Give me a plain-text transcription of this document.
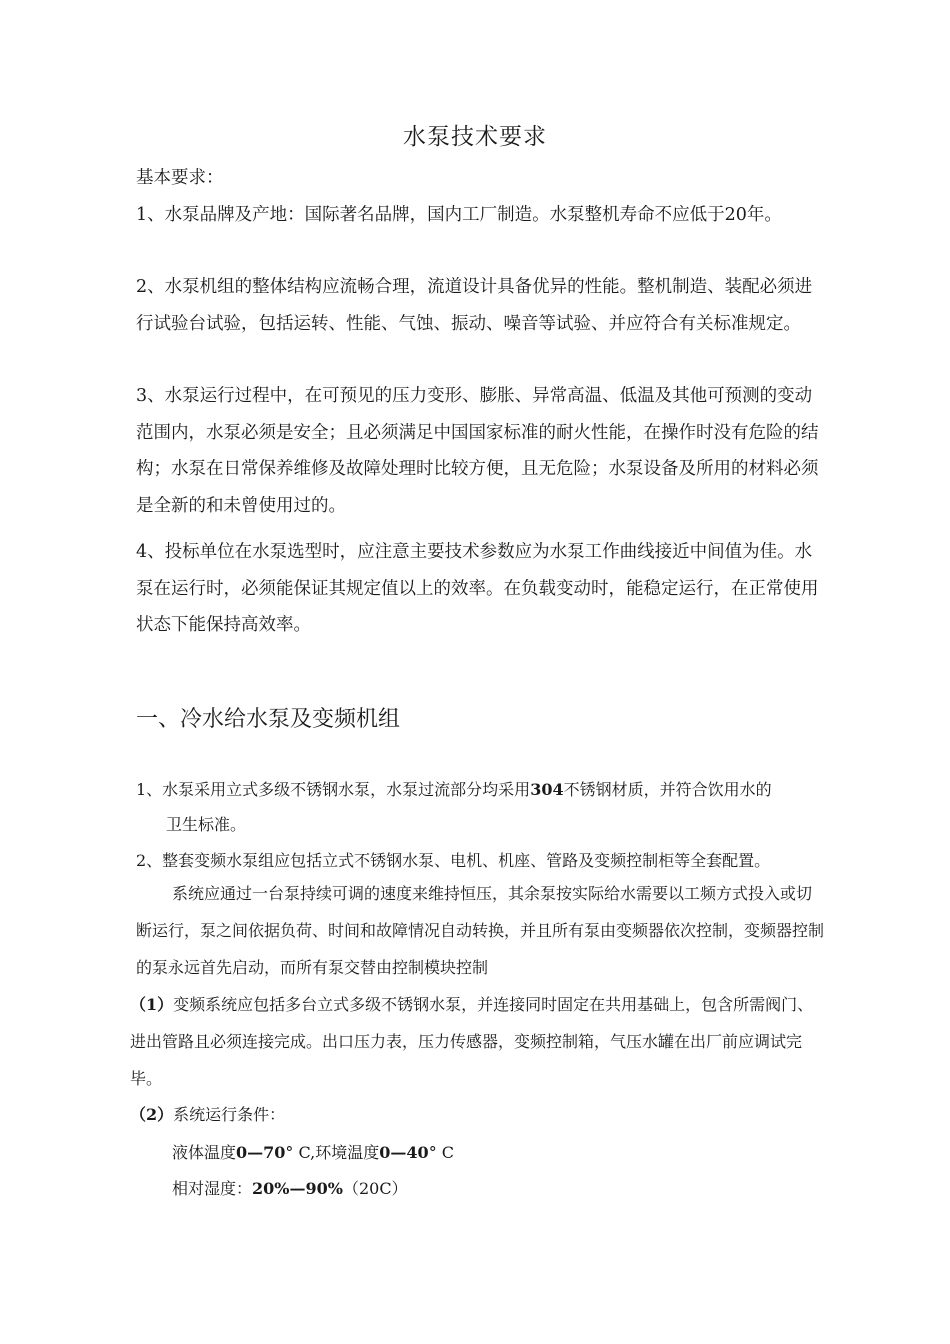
水泵技术要求

基本要求：

1、水泵品牌及产地：国际著名品牌，国内工厂制造。水泵整机寿命不应低于20年。

2、水泵机组的整体结构应流畅合理，流道设计具备优异的性能。整机制造、装配必须进行试验台试验，包括运转、性能、气蚀、振动、噪音等试验、并应符合有关标准规定。

3、水泵运行过程中，在可预见的压力变形、膨胀、异常高温、低温及其他可预测的变动范围内，水泵必须是安全；且必须满足中国国家标准的耐火性能，在操作时没有危险的结构；水泵在日常保养维修及故障处理时比较方便，且无危险；水泵设备及所用的材料必须是全新的和未曾使用过的。

4、投标单位在水泵选型时，应注意主要技术参数应为水泵工作曲线接近中间值为佳。水泵在运行时，必须能保证其规定值以上的效率。在负载变动时，能稳定运行，在正常使用状态下能保持高效率。

一、冷水给水泵及变频机组

1、水泵采用立式多级不锈钢水泵，水泵过流部分均采用304不锈钢材质，并符合饮用水的

卫生标准。

2、整套变频水泵组应包括立式不锈钢水泵、电机、机座、管路及变频控制柜等全套配置。

系统应通过一台泵持续可调的速度来维持恒压，其余泵按实际给水需要以工频方式投入或切断运行，泵之间依据负荷、时间和故障情况自动转换，并且所有泵由变频器依次控制，变频器控制的泵永远首先启动，而所有泵交替由控制模块控制

（1）变频系统应包括多台立式多级不锈钢水泵，并连接同时固定在共用基础上，包含所需阀门、进出管路且必须连接完成。出口压力表，压力传感器，变频控制箱，气压水罐在出厂前应调试完毕。

（2）系统运行条件：

液体温度0—70° C,环境温度0—40° C

相对湿度：20%—90%（20C）
